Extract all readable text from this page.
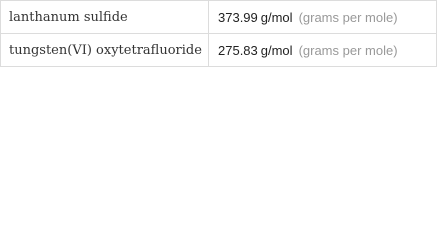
lanthanum sulfide	373.99 g/mol (grams per mole)
tungsten(VI) oxytetrafluoride 275.83 g/mol (grams per mole)
